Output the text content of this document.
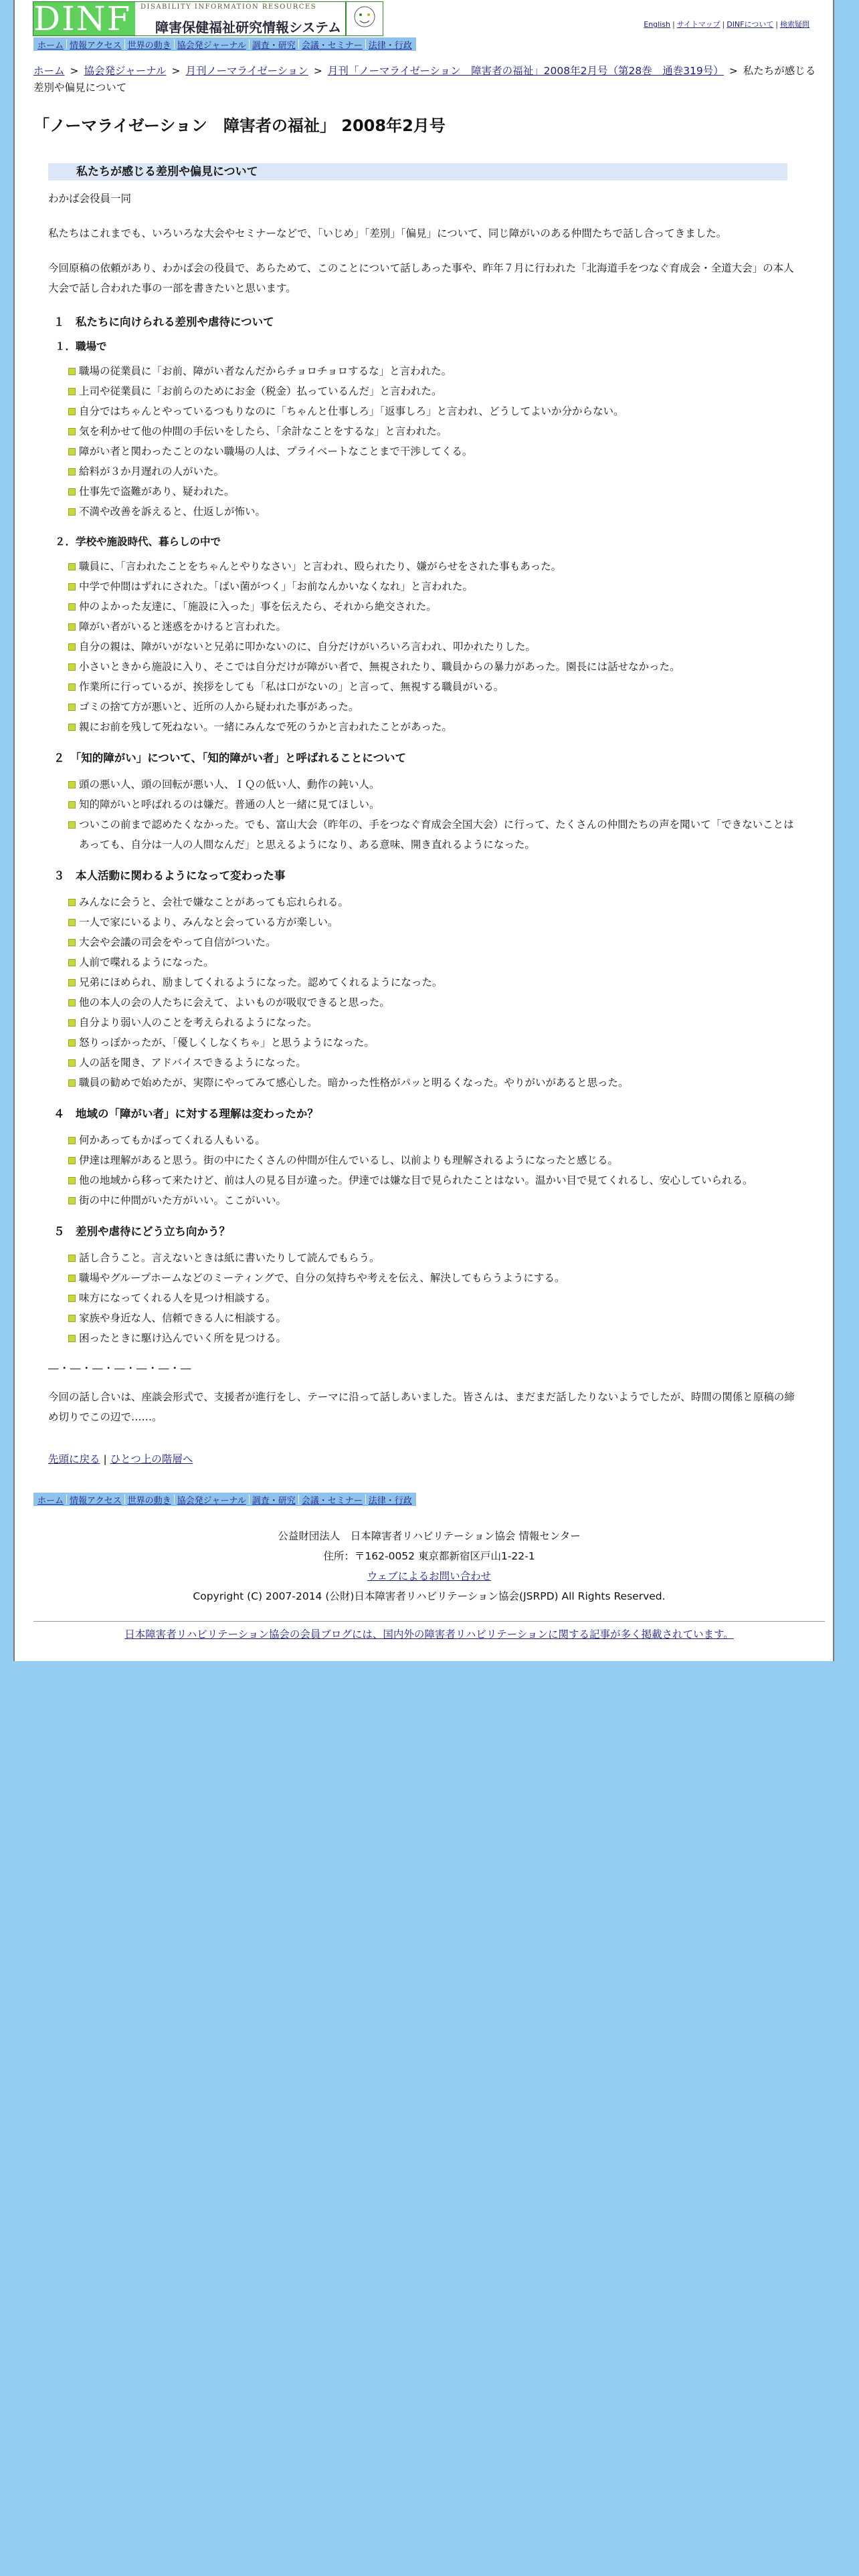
DINF	DISABILITY INFORMATION RESOURCES
障害保健福祉研究情報システム	English | サイトマップ | DINFについて | 検索疑問
ホーム 情報アクセス 世界の動き 協会発ジャーナル 調査・研究 会議・セミナー 法律・行政
ホーム > 協会発ジャーナル > 月刊ノーマライゼーション > 月刊「ノーマライゼーション　障害者の福祉」2008年2月号（第28巻　通巻319号） > 私たちが感じる差別や偏見について
「ノーマライゼーション　障害者の福祉」 2008年2月号
私たちが感じる差別や偏見について

わかば会役員一同

私たちはこれまでも、いろいろな大会やセミナーなどで、「いじめ」「差別」「偏見」について、同じ障がいのある仲間たちで話し合ってきました。

今回原稿の依頼があり、わかば会の役員で、あらためて、このことについて話しあった事や、昨年７月に行われた「北海道手をつなぐ育成会・全道大会」の本人大会で話し合われた事の一部を書きたいと思います。

１　私たちに向けられる差別や虐待について
１．職場で
職場の従業員に「お前、障がい者なんだからチョロチョロするな」と言われた。
上司や従業員に「お前らのためにお金（税金）払っているんだ」と言われた。
自分ではちゃんとやっているつもりなのに「ちゃんと仕事しろ」「返事しろ」と言われ、どうしてよいか分からない。
気を利かせて他の仲間の手伝いをしたら、「余計なことをするな」と言われた。
障がい者と関わったことのない職場の人は、プライベートなことまで干渉してくる。
給料が３か月遅れの人がいた。
仕事先で盗難があり、疑われた。
不満や改善を訴えると、仕返しが怖い。
２．学校や施設時代、暮らしの中で
職員に、「言われたことをちゃんとやりなさい」と言われ、殴られたり、嫌がらせをされた事もあった。
中学で仲間はずれにされた。「ばい菌がつく」「お前なんかいなくなれ」と言われた。
仲のよかった友達に、「施設に入った」事を伝えたら、それから絶交された。
障がい者がいると迷惑をかけると言われた。
自分の親は、障がいがないと兄弟に叩かないのに、自分だけがいろいろ言われ、叩かれたりした。
小さいときから施設に入り、そこでは自分だけが障がい者で、無視されたり、職員からの暴力があった。園長には話せなかった。
作業所に行っているが、挨拶をしても「私は口がないの」と言って、無視する職員がいる。
ゴミの捨て方が悪いと、近所の人から疑われた事があった。
親にお前を残して死ねない。一緒にみんなで死のうかと言われたことがあった。
２　「知的障がい」について、「知的障がい者」と呼ばれることについて
頭の悪い人、頭の回転が悪い人、ＩＱの低い人、動作の鈍い人。
知的障がいと呼ばれるのは嫌だ。普通の人と一緒に見てほしい。
ついこの前まで認めたくなかった。でも、富山大会（昨年の、手をつなぐ育成会全国大会）に行って、たくさんの仲間たちの声を聞いて「できないことはあっても、自分は一人の人間なんだ」と思えるようになり、ある意味、開き直れるようになった。
３　本人活動に関わるようになって変わった事
みんなに会うと、会社で嫌なことがあっても忘れられる。
一人で家にいるより、みんなと会っている方が楽しい。
大会や会議の司会をやって自信がついた。
人前で喋れるようになった。
兄弟にほめられ、励ましてくれるようになった。認めてくれるようになった。
他の本人の会の人たちに会えて、よいものが吸収できると思った。
自分より弱い人のことを考えられるようになった。
怒りっぽかったが、「優しくしなくちゃ」と思うようになった。
人の話を聞き、アドバイスできるようになった。
職員の勧めで始めたが、実際にやってみて感心した。暗かった性格がパッと明るくなった。やりがいがあると思った。
４　地域の「障がい者」に対する理解は変わったか？
何かあってもかばってくれる人もいる。
伊達は理解があると思う。街の中にたくさんの仲間が住んでいるし、以前よりも理解されるようになったと感じる。
他の地域から移って来たけど、前は人の見る目が違った。伊達では嫌な目で見られたことはない。温かい目で見てくれるし、安心していられる。
街の中に仲間がいた方がいい。ここがいい。
５　差別や虐待にどう立ち向かう？
話し合うこと。言えないときは紙に書いたりして読んでもらう。
職場やグループホームなどのミーティングで、自分の気持ちや考えを伝え、解決してもらうようにする。
味方になってくれる人を見つけ相談する。
家族や身近な人、信頼できる人に相談する。
困ったときに駆け込んでいく所を見つける。
―・―・―・―・―・―・―

今回の話し合いは、座談会形式で、支援者が進行をし、テーマに沿って話しあいました。皆さんは、まだまだ話したりないようでしたが、時間の関係と原稿の締め切りでこの辺で……。

先頭に戻る | ひとつ上の階層へ
ホーム 情報アクセス 世界の動き 協会発ジャーナル 調査・研究 会議・セミナー 法律・行政
公益財団法人　日本障害者リハビリテーション協会 情報センター
住所：〒162-0052 東京都新宿区戸山1-22-1
ウェブによるお問い合わせ
Copyright (C) 2007-2014 (公財)日本障害者リハビリテーション協会(JSRPD) All Rights Reserved.
日本障害者リハビリテーション協会の会員ブログには、国内外の障害者リハビリテーションに関する記事が多く掲載されています。
